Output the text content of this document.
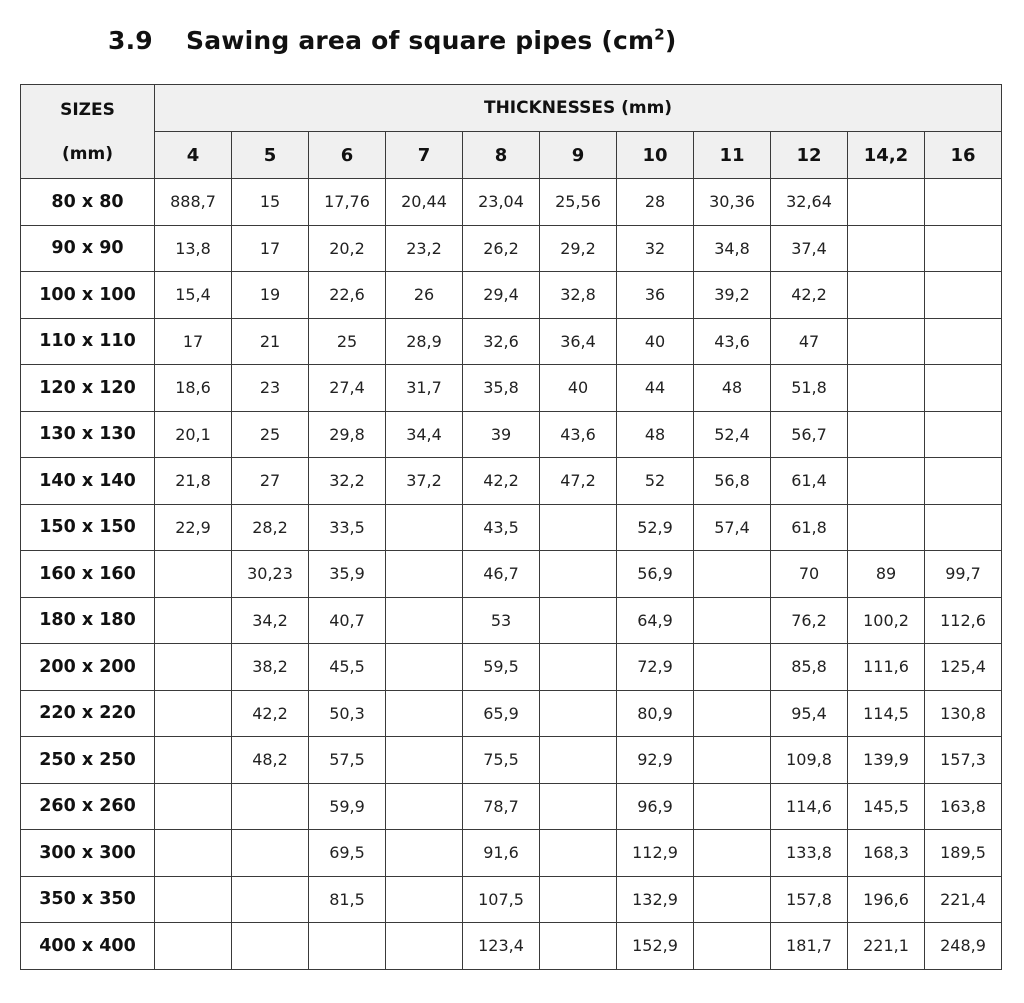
3.9 Sawing area of square pipes $(cm^2)$
SIZES
(mm)	THICKNESSES (mm)										
	4	5	6	7	8	9	10	11	12	14,2	16
80 x 80	888,7	15	17,76	20,44	23,04	25,56	28	30,36	32,64		
90 x 90	13,8	17	20,2	23,2	26,2	29,2	32	34,8	37,4		
100 x 100	15,4	19	22,6	26	29,4	32,8	36	39,2	42,2		
110 x 110	17	21	25	28,9	32,6	36,4	40	43,6	47		
120 x 120	18,6	23	27,4	31,7	35,8	40	44	48	51,8		
130 x 130	20,1	25	29,8	34,4	39	43,6	48	52,4	56,7		
140 x 140	21,8	27	32,2	37,2	42,2	47,2	52	56,8	61,4		
150 x 150	22,9	28,2	33,5		43,5		52,9	57,4	61,8		
160 x 160		30,23	35,9		46,7		56,9		70	89	99,7
180 x 180		34,2	40,7		53		64,9		76,2	100,2	112,6
200 x 200		38,2	45,5		59,5		72,9		85,8	111,6	125,4
220 x 220		42,2	50,3		65,9		80,9		95,4	114,5	130,8
250 x 250		48,2	57,5		75,5		92,9		109,8	139,9	157,3
260 x 260			59,9		78,7		96,9		114,6	145,5	163,8
300 x 300			69,5		91,6		112,9		133,8	168,3	189,5
350 x 350			81,5		107,5		132,9		157,8	196,6	221,4
400 x 400					123,4		152,9		181,7	221,1	248,9
